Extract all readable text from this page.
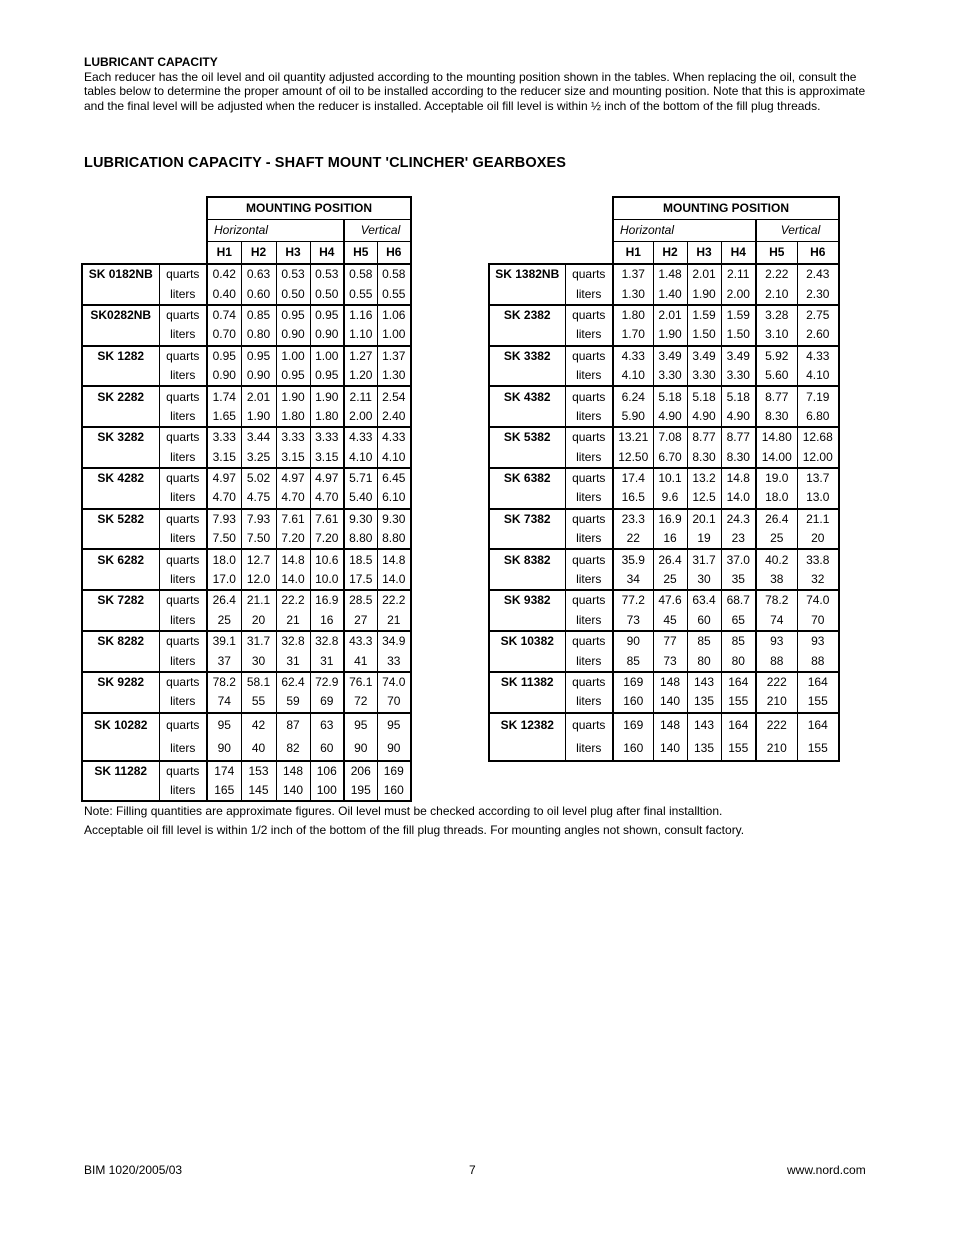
LUBRICANT CAPACITY
Each reducer has the oil level and oil quantity adjusted according to the mounting position shown in the tables. When replacing the oil, consult the tables below to determine the proper amount of oil to be installed according to the reducer size and mounting position. Note that this is approximate and the final level will be adjusted when the reducer is installed. Acceptable oil fill level is within ½ inch of the bottom of the fill plug threads.
LUBRICATION CAPACITY - SHAFT MOUNT 'CLINCHER' GEARBOXES
		MOUNTING POSITION					
		Horizontal				Vertical	
		H1	H2	H3	H4	H5	H6
SK 0182NB	quarts	0.42	0.63	0.53	0.53	0.58	0.58
	liters	0.40	0.60	0.50	0.50	0.55	0.55
SK0282NB	quarts	0.74	0.85	0.95	0.95	1.16	1.06
	liters	0.70	0.80	0.90	0.90	1.10	1.00
SK 1282	quarts	0.95	0.95	1.00	1.00	1.27	1.37
	liters	0.90	0.90	0.95	0.95	1.20	1.30
SK 2282	quarts	1.74	2.01	1.90	1.90	2.11	2.54
	liters	1.65	1.90	1.80	1.80	2.00	2.40
SK 3282	quarts	3.33	3.44	3.33	3.33	4.33	4.33
	liters	3.15	3.25	3.15	3.15	4.10	4.10
SK 4282	quarts	4.97	5.02	4.97	4.97	5.71	6.45
	liters	4.70	4.75	4.70	4.70	5.40	6.10
SK 5282	quarts	7.93	7.93	7.61	7.61	9.30	9.30
	liters	7.50	7.50	7.20	7.20	8.80	8.80
SK 6282	quarts	18.0	12.7	14.8	10.6	18.5	14.8
	liters	17.0	12.0	14.0	10.0	17.5	14.0
SK 7282	quarts	26.4	21.1	22.2	16.9	28.5	22.2
	liters	25	20	21	16	27	21
SK 8282	quarts	39.1	31.7	32.8	32.8	43.3	34.9
	liters	37	30	31	31	41	33
SK 9282	quarts	78.2	58.1	62.4	72.9	76.1	74.0
	liters	74	55	59	69	72	70
SK 10282	quarts	95	42	87	63	95	95
	liters	90	40	82	60	90	90
SK 11282	quarts	174	153	148	106	206	169
	liters	165	145	140	100	195	160
		MOUNTING POSITION					
		Horizontal				Vertical	
		H1	H2	H3	H4	H5	H6
SK 1382NB	quarts	1.37	1.48	2.01	2.11	2.22	2.43
	liters	1.30	1.40	1.90	2.00	2.10	2.30
SK 2382	quarts	1.80	2.01	1.59	1.59	3.28	2.75
	liters	1.70	1.90	1.50	1.50	3.10	2.60
SK 3382	quarts	4.33	3.49	3.49	3.49	5.92	4.33
	liters	4.10	3.30	3.30	3.30	5.60	4.10
SK 4382	quarts	6.24	5.18	5.18	5.18	8.77	7.19
	liters	5.90	4.90	4.90	4.90	8.30	6.80
SK 5382	quarts	13.21	7.08	8.77	8.77	14.80	12.68
	liters	12.50	6.70	8.30	8.30	14.00	12.00
SK 6382	quarts	17.4	10.1	13.2	14.8	19.0	13.7
	liters	16.5	9.6	12.5	14.0	18.0	13.0
SK 7382	quarts	23.3	16.9	20.1	24.3	26.4	21.1
	liters	22	16	19	23	25	20
SK 8382	quarts	35.9	26.4	31.7	37.0	40.2	33.8
	liters	34	25	30	35	38	32
SK 9382	quarts	77.2	47.6	63.4	68.7	78.2	74.0
	liters	73	45	60	65	74	70
SK 10382	quarts	90	77	85	85	93	93
	liters	85	73	80	80	88	88
SK 11382	quarts	169	148	143	164	222	164
	liters	160	140	135	155	210	155
SK 12382	quarts	169	148	143	164	222	164
	liters	160	140	135	155	210	155
Note: Filling quantities are approximate figures. Oil level must be checked according to oil level plug after final installtion.
Acceptable oil fill level is within 1/2 inch of the bottom of the fill plug threads. For mounting angles not shown, consult factory.
BIM 1020/2005/03	7	www.nord.com
